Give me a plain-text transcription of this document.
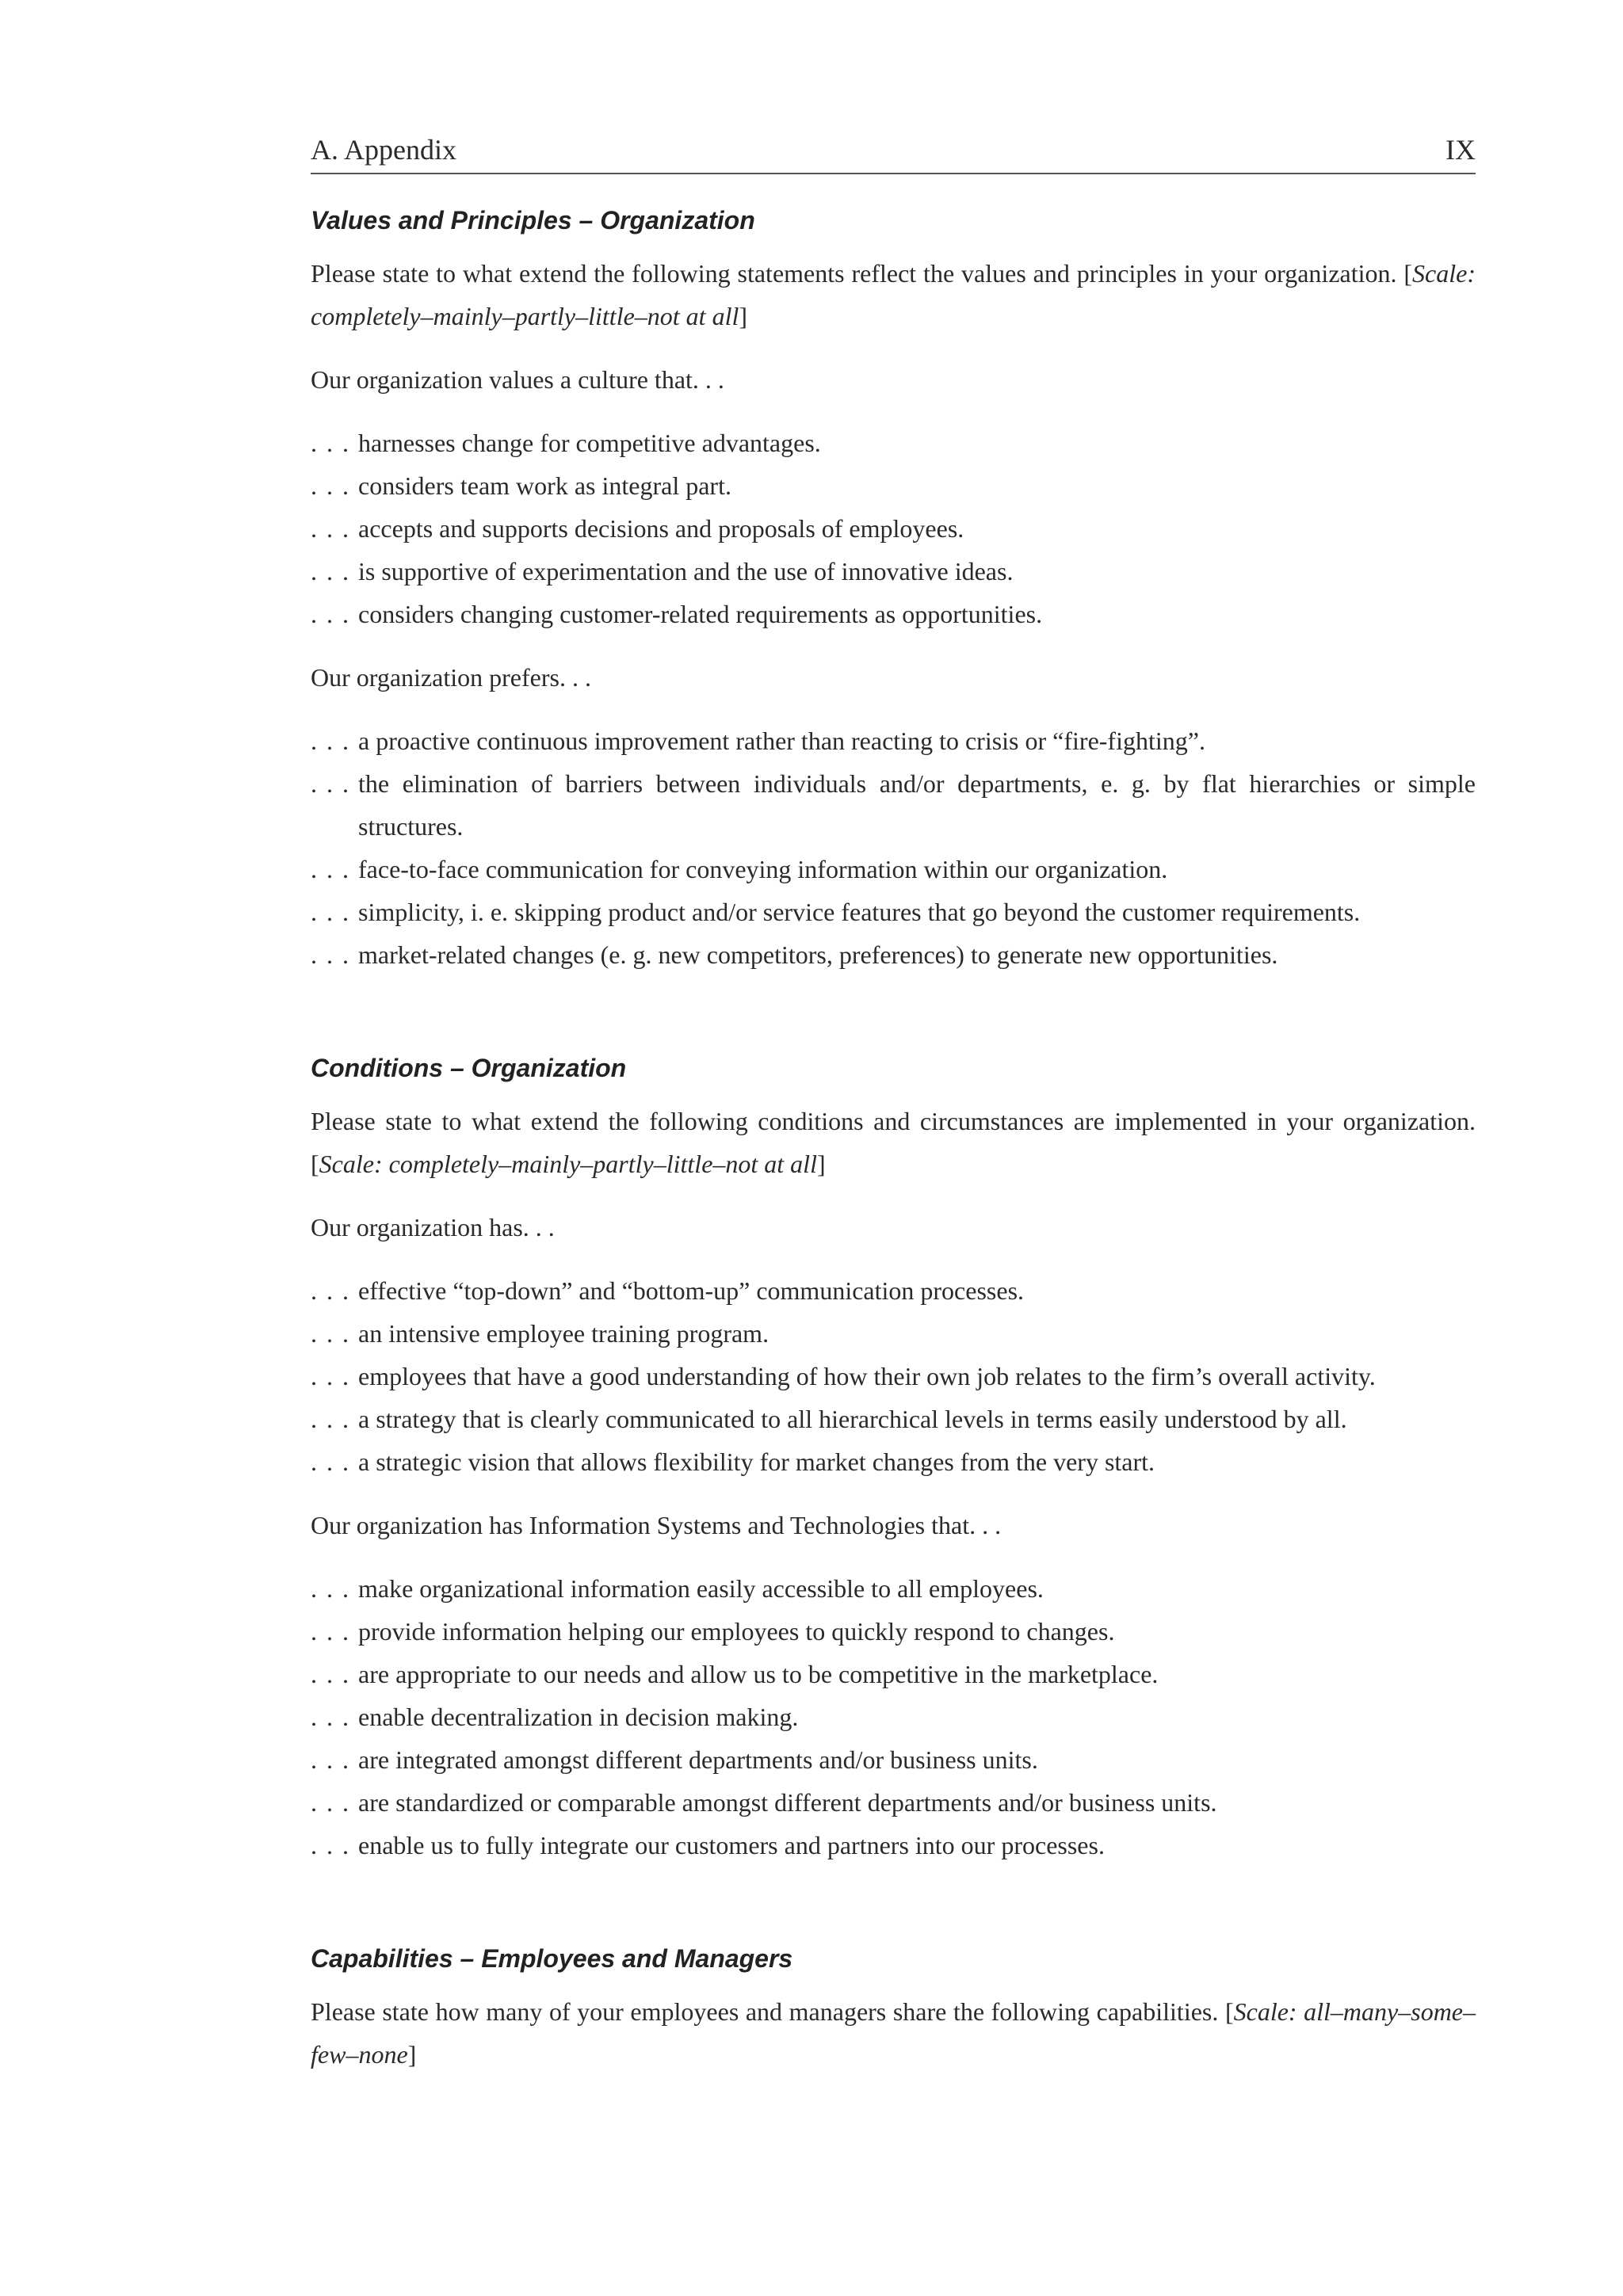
A. Appendix	IX
Values and Principles – Organization

Please state to what extend the following statements reflect the values and principles in your organization. [Scale: completely–mainly–partly–little–not at all]

Our organization values a culture that. . .

. . . harnesses change for competitive advantages.
. . . considers team work as integral part.
. . . accepts and supports decisions and proposals of employees.
. . . is supportive of experimentation and the use of innovative ideas.
. . . considers changing customer-related requirements as opportunities.

Our organization prefers. . .

. . . a proactive continuous improvement rather than reacting to crisis or “fire-fighting”.
. . . the elimination of barriers between individuals and/or departments, e. g. by flat hierarchies or simple structures.
. . . face-to-face communication for conveying information within our organization.
. . . simplicity, i. e. skipping product and/or service features that go beyond the customer requirements.
. . . market-related changes (e. g. new competitors, preferences) to generate new opportunities.
Conditions – Organization

Please state to what extend the following conditions and circumstances are implemented in your organization. [Scale: completely–mainly–partly–little–not at all]

Our organization has. . .

. . . effective “top-down” and “bottom-up” communication processes.
. . . an intensive employee training program.
. . . employees that have a good understanding of how their own job relates to the firm’s overall activity.
. . . a strategy that is clearly communicated to all hierarchical levels in terms easily understood by all.
. . . a strategic vision that allows flexibility for market changes from the very start.

Our organization has Information Systems and Technologies that. . .

. . . make organizational information easily accessible to all employees.
. . . provide information helping our employees to quickly respond to changes.
. . . are appropriate to our needs and allow us to be competitive in the marketplace.
. . . enable decentralization in decision making.
. . . are integrated amongst different departments and/or business units.
. . . are standardized or comparable amongst different departments and/or business units.
. . . enable us to fully integrate our customers and partners into our processes.
Capabilities – Employees and Managers

Please state how many of your employees and managers share the following capabilities. [Scale: all–many–some–few–none]
